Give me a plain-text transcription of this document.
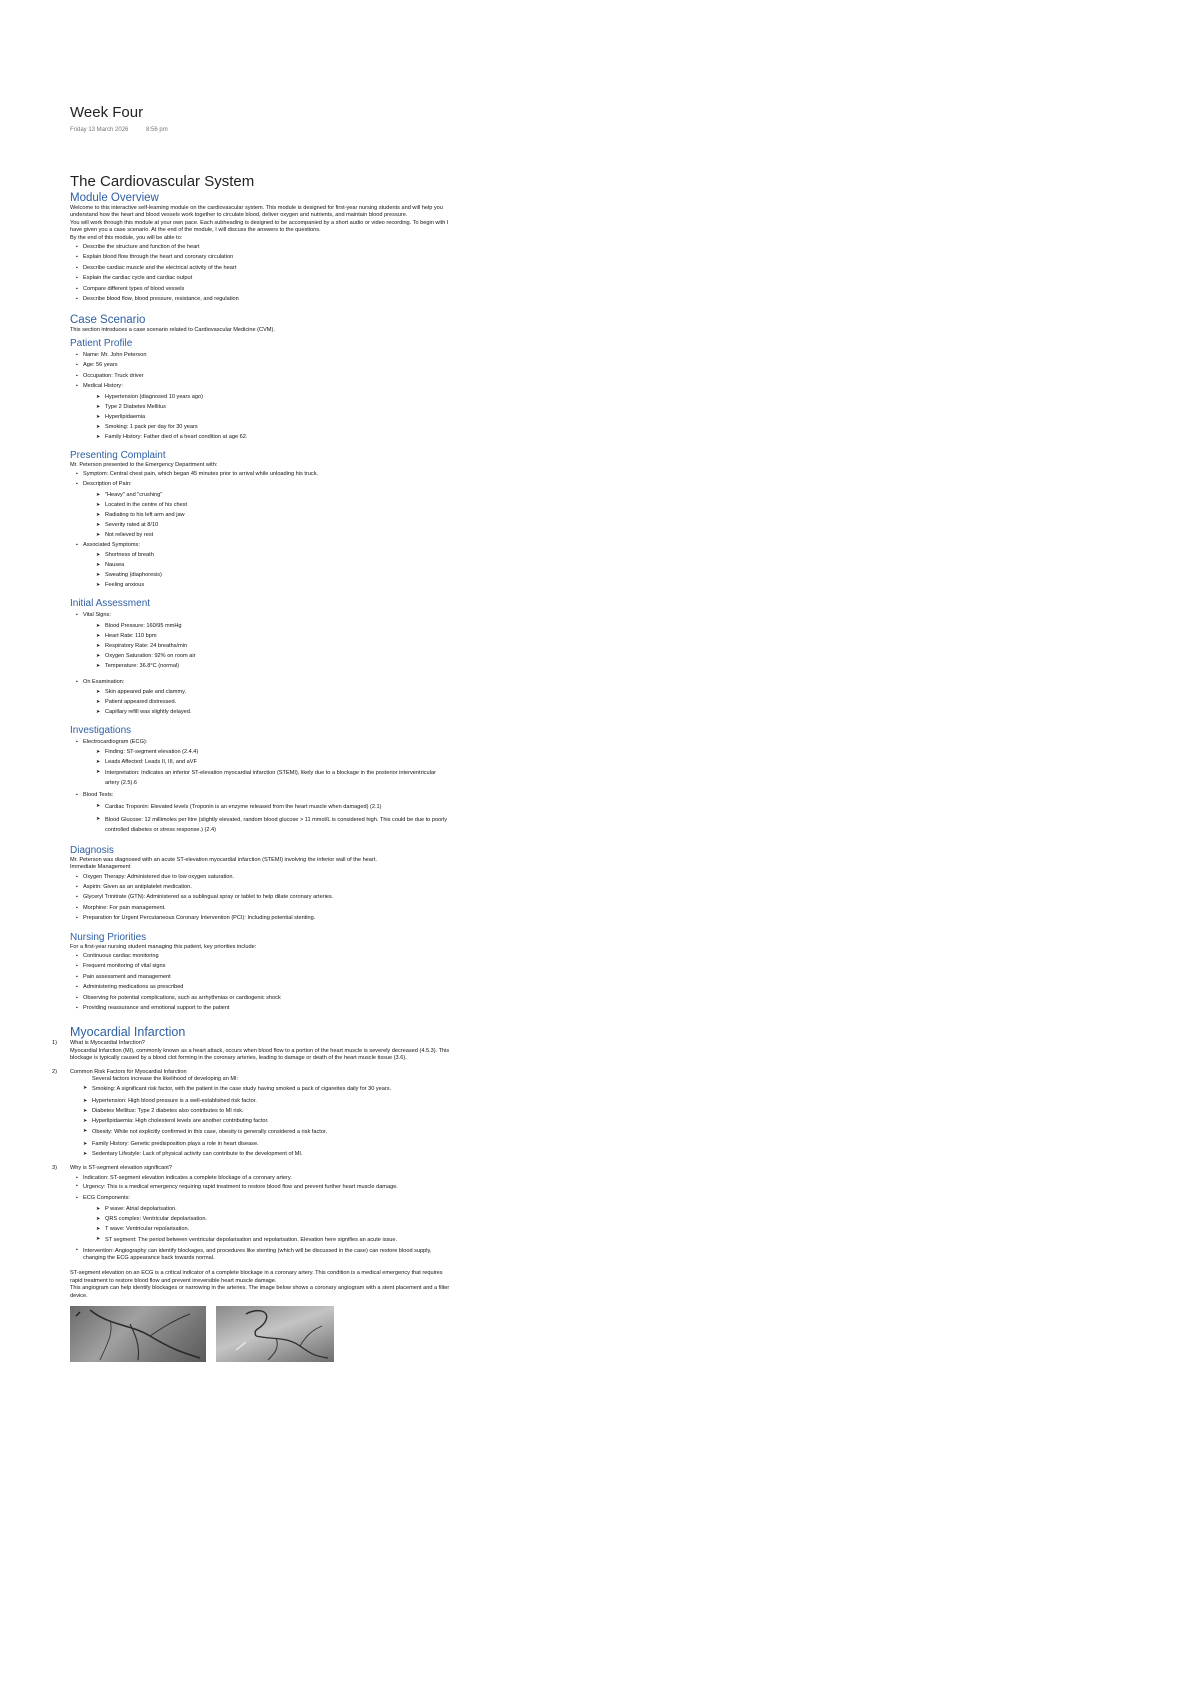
Week Four
Friday 13 March 2026	8:56 pm
The Cardiovascular System
Module Overview

Welcome to this interactive self-learning module on the cardiovascular system. This module is designed for first-year nursing students and will help you understand how the heart and blood vessels work together to circulate blood, deliver oxygen and nutrients, and maintain blood pressure.

You will work through this module at your own pace. Each subheading is designed to be accompanied by a short audio or video recording. To begin with I have given you a case scenario. At the end of the module, I will discuss the answers to the questions.

By the end of this module, you will be able to:

▪ Describe the structure and function of the heart
▪ Explain blood flow through the heart and coronary circulation
▪ Describe cardiac muscle and the electrical activity of the heart
▪ Explain the cardiac cycle and cardiac output
▪ Compare different types of blood vessels
▪ Describe blood flow, blood pressure, resistance, and regulation
Case Scenario

This section introduces a case scenario related to Cardiovascular Medicine (CVM).

Patient Profile
▪ Name: Mr. John Peterson
▪ Age: 56 years
▪ Occupation: Truck driver
▪ Medical History:
➤ Hypertension (diagnosed 10 years ago)
➤ Type 2 Diabetes Mellitus
➤ Hyperlipidaemia
➤ Smoking: 1 pack per day for 30 years
➤ Family History: Father died of a heart condition at age 62.
Presenting Complaint

Mr. Peterson presented to the Emergency Department with:

▪ Symptom: Central chest pain, which began 45 minutes prior to arrival while unloading his truck.
▪ Description of Pain:
➤ "Heavy" and "crushing"
➤ Located in the centre of his chest
➤ Radiating to his left arm and jaw
➤ Severity rated at 8/10
➤ Not relieved by rest
▪ Associated Symptoms:
➤ Shortness of breath
➤ Nausea
➤ Sweating (diaphoresis)
➤ Feeling anxious
Initial Assessment
▪ Vital Signs:
➤ Blood Pressure: 160/95 mmHg
➤ Heart Rate: 110 bpm
➤ Respiratory Rate: 24 breaths/min
➤ Oxygen Saturation: 92% on room air
➤ Temperature: 36.8°C (normal)
▪ On Examination:
➤ Skin appeared pale and clammy.
➤ Patient appeared distressed.
➤ Capillary refill was slightly delayed.
Investigations
▪ Electrocardiogram (ECG):
➤ Finding: ST-segment elevation (2.4.4)
➤ Leads Affected: Leads II, III, and aVF
➤ Interpretation: Indicates an inferior ST-elevation myocardial infarction (STEMI), likely due to a blockage in the posterior interventricular artery (2.5).6
▪ Blood Tests:
➤ Cardiac Troponin: Elevated levels (Troponin is an enzyme released from the heart muscle when damaged) (2.1)
➤ Blood Glucose: 12 millimoles per litre (slightly elevated, random blood glucose > 11 mmol/L is considered high. This could be due to poorly controlled diabetes or stress response.) (2.4)
Diagnosis

Mr. Peterson was diagnosed with an acute ST-elevation myocardial infarction (STEMI) involving the inferior wall of the heart.

Immediate Management

▪ Oxygen Therapy: Administered due to low oxygen saturation.
▪ Aspirin: Given as an antiplatelet medication.
▪ Glyceryl Trinitrate (GTN): Administered as a sublingual spray or tablet to help dilate coronary arteries.
▪ Morphine: For pain management.
▪ Preparation for Urgent Percutaneous Coronary Intervention (PCI): Including potential stenting.
Nursing Priorities

For a first-year nursing student managing this patient, key priorities include:

▪ Continuous cardiac monitoring
▪ Frequent monitoring of vital signs
▪ Pain assessment and management
▪ Administering medications as prescribed
▪ Observing for potential complications, such as arrhythmias or cardiogenic shock
▪ Providing reassurance and emotional support to the patient
Myocardial Infarction
1) What is Myocardial Infarction?

Myocardial Infarction (MI), commonly known as a heart attack, occurs when blood flow to a portion of the heart muscle is severely decreased (4.5.3). This blockage is typically caused by a blood clot forming in the coronary arteries, leading to damage or death of the heart muscle tissue (3.6).

2) Common Risk Factors for Myocardial Infarction

Several factors increase the likelihood of developing an MI:

➤ Smoking: A significant risk factor, with the patient in the case study having smoked a pack of cigarettes daily for 30 years.
➤ Hypertension: High blood pressure is a well-established risk factor.
➤ Diabetes Mellitus: Type 2 diabetes also contributes to MI risk.
➤ Hyperlipidaemia: High cholesterol levels are another contributing factor.
➤ Obesity: While not explicitly confirmed in this case, obesity is generally considered a risk factor.
➤ Family History: Genetic predisposition plays a role in heart disease.
➤ Sedentary Lifestyle: Lack of physical activity can contribute to the development of MI.
3) Why is ST-segment elevation significant?
▪ Indication: ST-segment elevation indicates a complete blockage of a coronary artery.
▪ Urgency: This is a medical emergency requiring rapid treatment to restore blood flow and prevent further heart muscle damage.
▪ ECG Components:
➤ P wave: Atrial depolarisation.
➤ QRS complex: Ventricular depolarisation.
➤ T wave: Ventricular repolarisation.
➤ ST segment: The period between ventricular depolarisation and repolarisation. Elevation here signifies an acute issue.
▪ Intervention: Angiography can identify blockages, and procedures like stenting (which will be discussed in the case) can restore blood supply, changing the ECG appearance back towards normal.

ST-segment elevation on an ECG is a critical indicator of a complete blockage in a coronary artery. This condition is a medical emergency that requires rapid treatment to restore blood flow and prevent irreversible heart muscle damage.

This angiogram can help identify blockages or narrowing in the arteries. The image below shows a coronary angiogram with a stent placement and a filter device.
